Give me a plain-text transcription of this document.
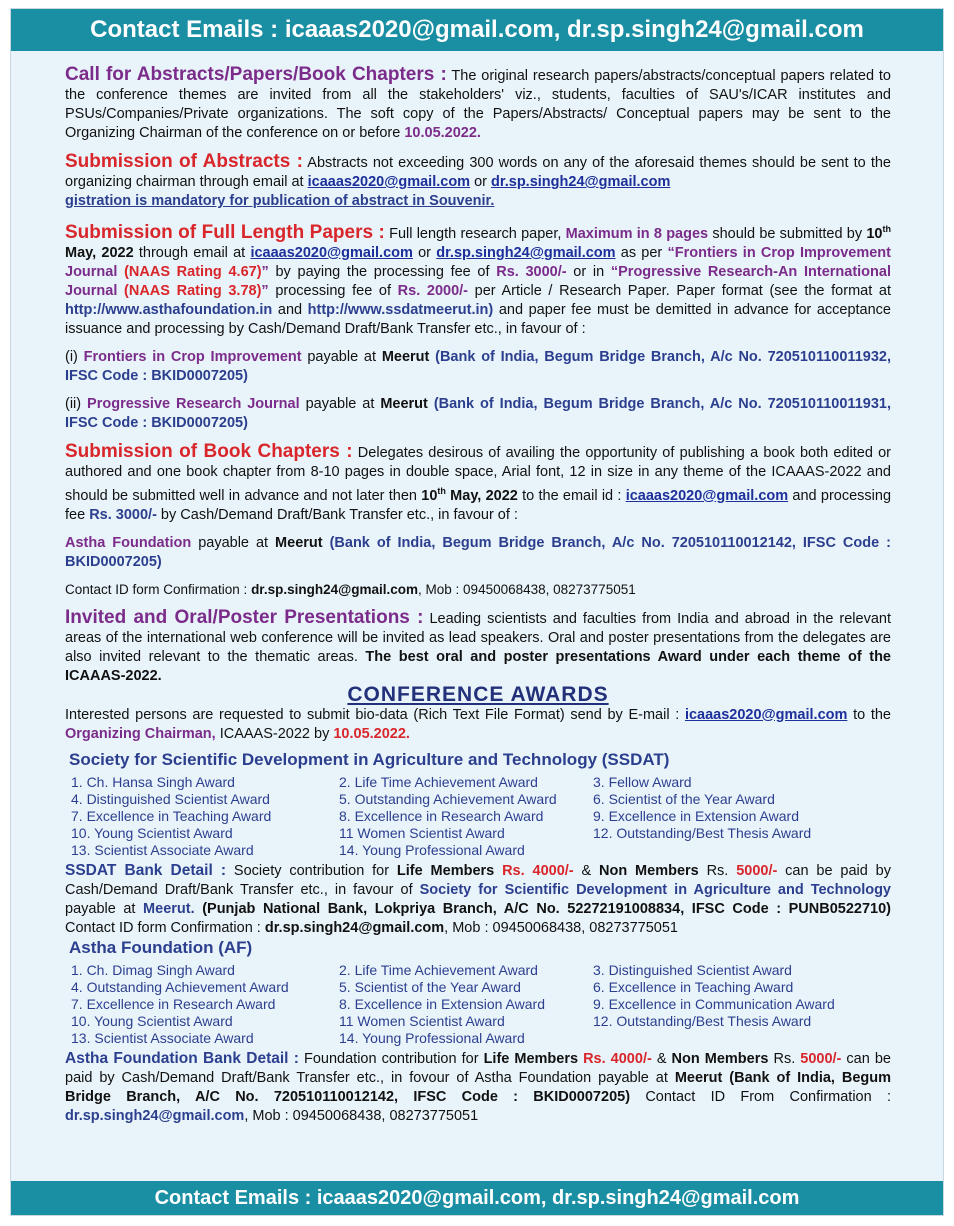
Contact Emails : icaaas2020@gmail.com, dr.sp.singh24@gmail.com

Call for Abstracts/Papers/Book Chapters : The original research papers/abstracts/conceptual papers related to the conference themes are invited from all the stakeholders' viz., students, faculties of SAU's/ICAR institutes and PSUs/Companies/Private organizations. The soft copy of the Papers/Abstracts/ Conceptual papers may be sent to the Organizing Chairman of the conference on or before 10.05.2022.

Submission of Abstracts : Abstracts not exceeding 300 words on any of the aforesaid themes should be sent to the organizing chairman through email at icaaas2020@gmail.com or dr.sp.singh24@gmail.com
gistration is mandatory for publication of abstract in Souvenir.

Submission of Full Length Papers : Full length research paper, Maximum in 8 pages should be submitted by 10th May, 2022 through email at icaaas2020@gmail.com or dr.sp.singh24@gmail.com as per “Frontiers in Crop Improvement Journal (NAAS Rating 4.67)” by paying the processing fee of Rs. 3000/- or in “Progressive Research-An International Journal (NAAS Rating 3.78)” processing fee of Rs. 2000/- per Article / Research Paper. Paper format (see the format at http://www.asthafoundation.in and http://www.ssdatmeerut.in) and paper fee must be demitted in advance for acceptance issuance and processing by Cash/Demand Draft/Bank Transfer etc., in favour of :

(i) Frontiers in Crop Improvement payable at Meerut (Bank of India, Begum Bridge Branch, A/c No. 720510110011932, IFSC Code : BKID0007205)

(ii) Progressive Research Journal payable at Meerut (Bank of India, Begum Bridge Branch, A/c No. 720510110011931, IFSC Code : BKID0007205)

Submission of Book Chapters : Delegates desirous of availing the opportunity of publishing a book both edited or authored and one book chapter from 8-10 pages in double space, Arial font, 12 in size in any theme of the ICAAAS-2022 and should be submitted well in advance and not later then 10th May, 2022 to the email id : icaaas2020@gmail.com and processing fee Rs. 3000/- by Cash/Demand Draft/Bank Transfer etc., in favour of :

Astha Foundation payable at Meerut (Bank of India, Begum Bridge Branch, A/c No. 720510110012142, IFSC Code : BKID0007205)

Contact ID form Confirmation : dr.sp.singh24@gmail.com, Mob : 09450068438, 08273775051

Invited and Oral/Poster Presentations : Leading scientists and faculties from India and abroad in the relevant areas of the international web conference will be invited as lead speakers. Oral and poster presentations from the delegates are also invited relevant to the thematic areas. The best oral and poster presentations Award under each theme of the ICAAAS-2022.

CONFERENCE AWARDS

Interested persons are requested to submit bio-data (Rich Text File Format) send by E-mail : icaaas2020@gmail.com to the Organizing Chairman, ICAAAS-2022 by 10.05.2022.

Society for Scientific Development in Agriculture and Technology (SSDAT)
1. Ch. Hansa Singh Award	2. Life Time Achievement Award	3. Fellow Award
4. Distinguished Scientist Award	5. Outstanding Achievement Award	6. Scientist of the Year Award
7. Excellence in Teaching Award	8. Excellence in Research Award	9. Excellence in Extension Award
10. Young Scientist Award	11 Women Scientist Award	12. Outstanding/Best Thesis Award
13. Scientist Associate Award	14. Young Professional Award

SSDAT Bank Detail : Society contribution for Life Members Rs. 4000/- & Non Members Rs. 5000/- can be paid by Cash/Demand Draft/Bank Transfer etc., in favour of Society for Scientific Development in Agriculture and Technology payable at Meerut. (Punjab National Bank, Lokpriya Branch, A/C No. 52272191008834, IFSC Code : PUNB0522710) Contact ID form Confirmation : dr.sp.singh24@gmail.com, Mob : 09450068438, 08273775051

Astha Foundation (AF)
1. Ch. Dimag Singh Award	2. Life Time Achievement Award	3. Distinguished Scientist Award
4. Outstanding Achievement Award	5. Scientist of the Year Award	6. Excellence in Teaching Award
7. Excellence in Research Award	8. Excellence in Extension Award	9. Excellence in Communication Award
10. Young Scientist Award	11 Women Scientist Award	12. Outstanding/Best Thesis Award
13. Scientist Associate Award	14. Young Professional Award

Astha Foundation Bank Detail : Foundation contribution for Life Members Rs. 4000/- & Non Members Rs. 5000/- can be paid by Cash/Demand Draft/Bank Transfer etc., in fovour of Astha Foundation payable at Meerut (Bank of India, Begum Bridge Branch, A/C No. 720510110012142, IFSC Code : BKID0007205) Contact ID From Confirmation : dr.sp.singh24@gmail.com, Mob : 09450068438, 08273775051

Contact Emails : icaaas2020@gmail.com, dr.sp.singh24@gmail.com
